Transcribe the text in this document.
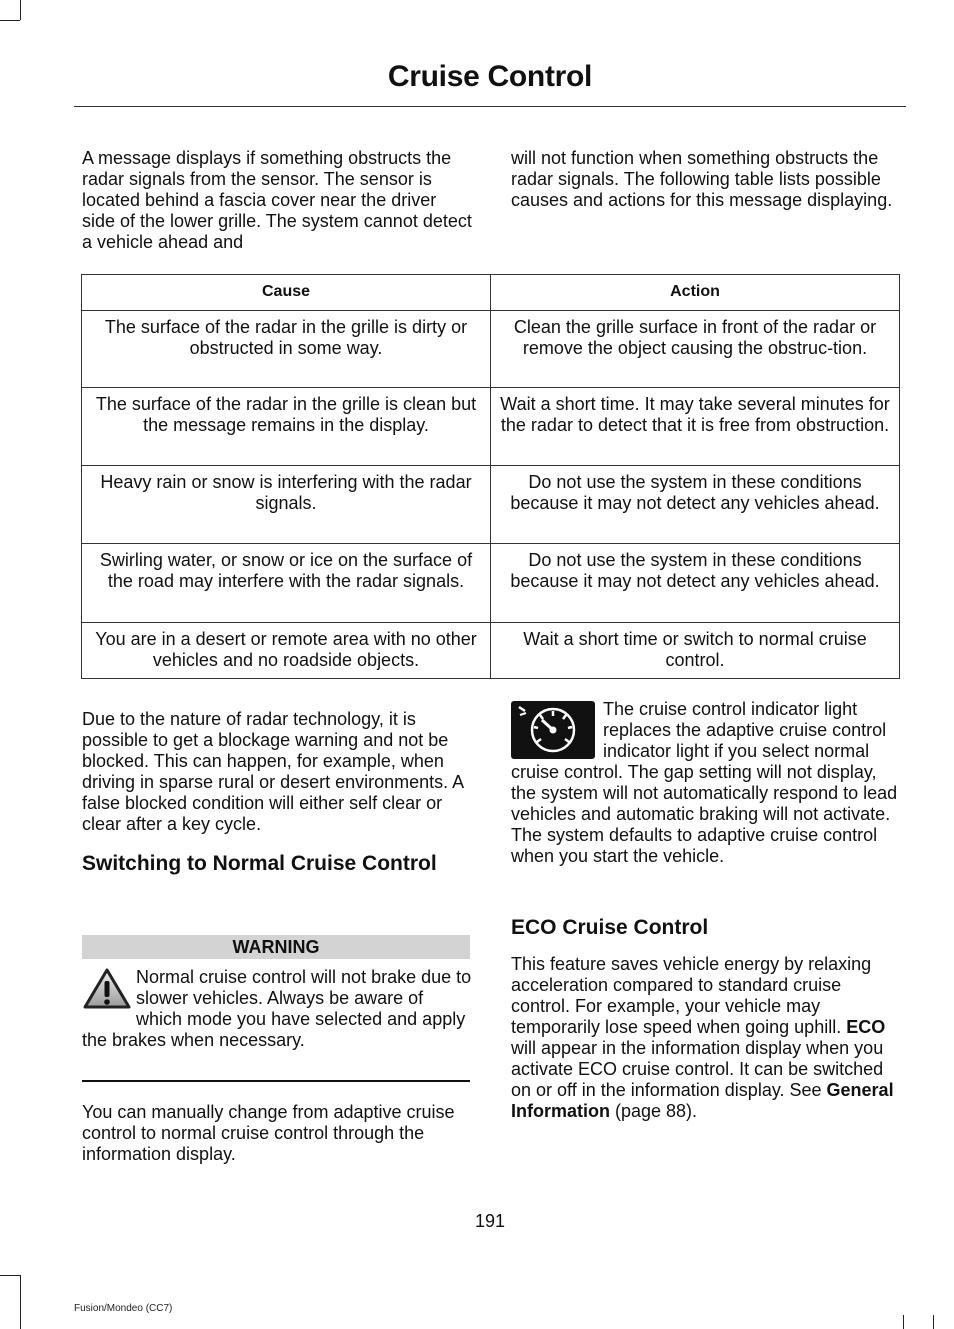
Cruise Control

A message displays if something obstructs the radar signals from the sensor. The sensor is located behind a fascia cover near the driver side of the lower grille. The system cannot detect a vehicle ahead and

will not function when something obstructs the radar signals. The following table lists possible causes and actions for this message displaying.

Cause	Action
The surface of the radar in the grille is dirty or obstructed in some way.	Clean the grille surface in front of the radar or remove the object causing the obstruc-tion.
The surface of the radar in the grille is clean but the message remains in the display.	Wait a short time. It may take several minutes for the radar to detect that it is free from obstruction.
Heavy rain or snow is interfering with the radar signals.	Do not use the system in these conditions because it may not detect any vehicles ahead.
Swirling water, or snow or ice on the surface of the road may interfere with the radar signals.	Do not use the system in these conditions because it may not detect any vehicles ahead.
You are in a desert or remote area with no other vehicles and no roadside objects.	Wait a short time or switch to normal cruise control.

Due to the nature of radar technology, it is possible to get a blockage warning and not be blocked. This can happen, for example, when driving in sparse rural or desert environments. A false blocked condition will either self clear or clear after a key cycle.

Switching to Normal Cruise Control
WARNING
Normal cruise control will not brake due to slower vehicles. Always be aware of which mode you have selected and apply the brakes when necessary.

You can manually change from adaptive cruise control to normal cruise control through the information display.

The cruise control indicator light replaces the adaptive cruise control indicator light if you select normal cruise control. The gap setting will not display, the system will not automatically respond to lead vehicles and automatic braking will not activate. The system defaults to adaptive cruise control when you start the vehicle.

ECO Cruise Control

This feature saves vehicle energy by relaxing acceleration compared to standard cruise control. For example, your vehicle may temporarily lose speed when going uphill. ECO will appear in the information display when you activate ECO cruise control. It can be switched on or off in the information display. See General Information (page 88).

191
Fusion/Mondeo (CC7)
